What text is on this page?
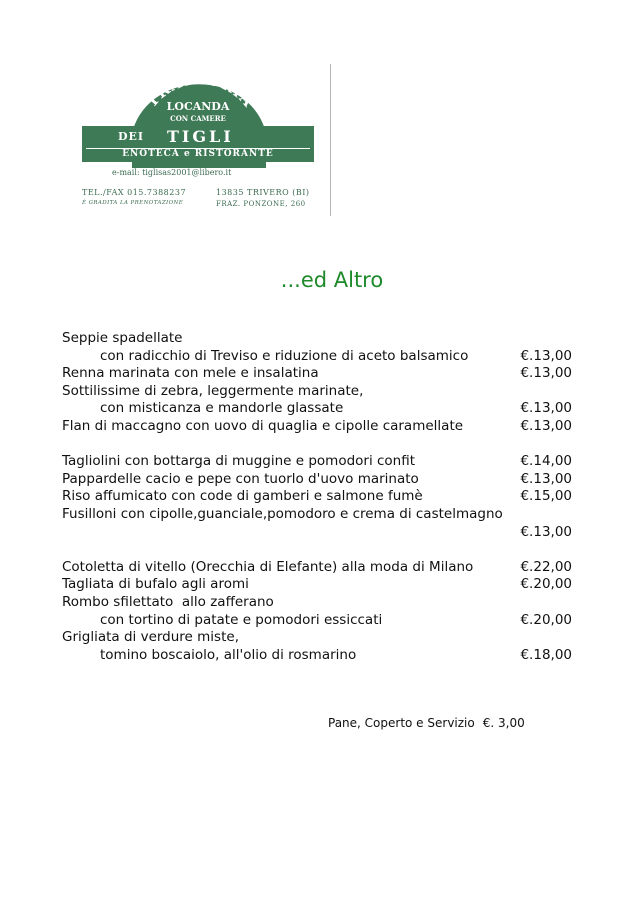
TRATTORIA
LOCANDA
CON CAMERE
DEI TIGLI
ENOTECA e RISTORANTE
e-mail: tiglisas2001@libero.it
TEL./FAX 015.7388237
È GRADITA LA PRENOTAZIONE
13835 TRIVERO (BI)
FRAZ. PONZONE, 260
...ed Altro
Seppie spadellate
con radicchio di Treviso e riduzione di aceto balsamico	€.13,00
Renna marinata con mele e insalatina	€.13,00
Sottilissime di zebra, leggermente marinate,
con misticanza e mandorle glassate	€.13,00
Flan di maccagno con uovo di quaglia e cipolle caramellate	€.13,00
Tagliolini con bottarga di muggine e pomodori confit	€.14,00
Pappardelle cacio e pepe con tuorlo d'uovo marinato	€.13,00
Riso affumicato con code di gamberi e salmone fumè	€.15,00
Fusilloni con cipolle,guanciale,pomodoro e crema di castelmagno
€.13,00
Cotoletta di vitello (Orecchia di Elefante) alla moda di Milano	€.22,00
Tagliata di bufalo agli aromi	€.20,00
Rombo sfilettato  allo zafferano
con tortino di patate e pomodori essiccati	€.20,00
Grigliata di verdure miste,
tomino boscaiolo, all'olio di rosmarino	€.18,00
Pane, Coperto e Servizio €. 3,00
